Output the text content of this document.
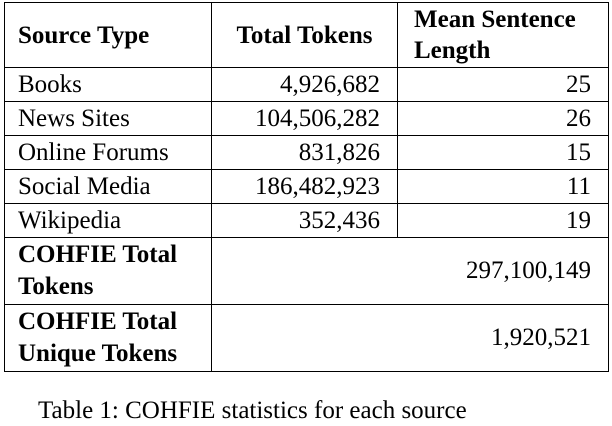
Source Type	Total Tokens	Mean Sentence Length
Books	4,926,682	25
News Sites	104,506,282	26
Online Forums	831,826	15
Social Media	186,482,923	11
Wikipedia	352,436	19
COHFIE Total Tokens	297,100,149	
COHFIE Total Unique Tokens	1,920,521	
Table 1: COHFIE statistics for each source
